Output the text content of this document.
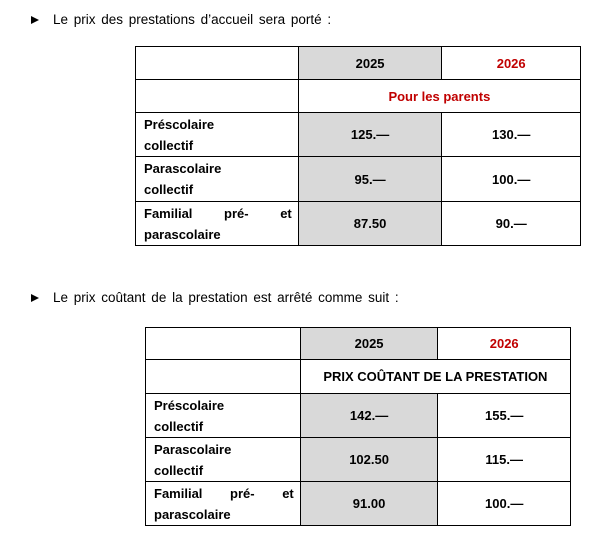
Le prix des prestations d’accueil sera porté :
	2025	2026
	Pour les parents	

Préscolaire
collectif	125.—	130.—

Parascolaire
collectif	95.—	100.—

Familial pré- et
parascolaire	87.50	90.—
Le prix coûtant de la prestation est arrêté comme suit :
	2025	2026
	PRIX COÛTANT DE LA PRESTATION	

Préscolaire
collectif	142.—	155.—

Parascolaire
collectif	102.50	115.—

Familial pré- et
parascolaire	91.00	100.—
